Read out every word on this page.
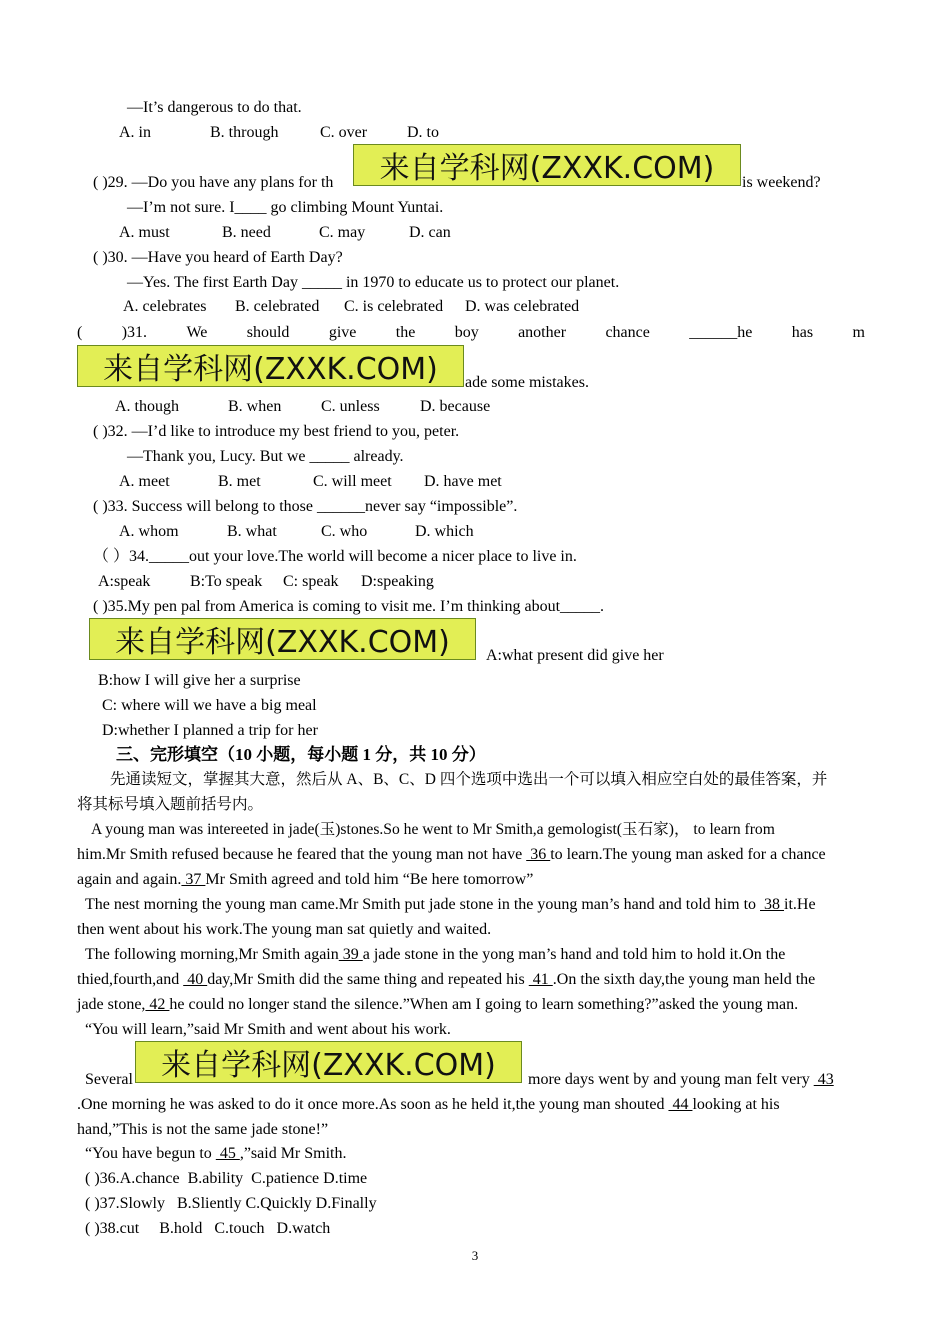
—It’s dangerous to do that.
A. in	B. through	C. over D. to
( )29. —Do you have any plans for th	来自学科网(ZXXK.COM)	is weekend?
—I’m not sure. I____ go climbing Mount Yuntai.
A. must	B. need	C. may	D. can
( )30. —Have you heard of Earth Day?
—Yes. The first Earth Day _____ in 1970 to educate us to protect our planet.
A. celebrates B. celebrated C. is celebrated D. was celebrated
( )31. We should give the boy another chance ______he has m
来自学科网(ZXXK.COM)	ade some mistakes.
A. though	B. when C. unless	D. because
( )32. —I’d like to introduce my best friend to you, peter.
—Thank you, Lucy. But we _____ already.
A. meet	B. met	C. will meet D. have met
( )33. Success will belong to those ______never say “impossible”.
A. whom	B. what	C. who	D. which
（ ）34._____out your love.The world will become a nicer place to live in.
A:speak B:To speak C: speak D:speaking
( )35.My pen pal from America is coming to visit me. I’m thinking about_____.
来自学科网(ZXXK.COM)	A:what present did give her
B:how I will give her a surprise
C: where will we have a big meal
D:whether I planned a trip for her
三、完形填空（10 小题，每小题 1 分，共 10 分）
先通读短文，掌握其大意，然后从 A、B、C、D 四个选项中选出一个可以填入相应空白处的最佳答案，并
将其标号填入题前括号内。
A young man was intereeted in jade(玉)stones.So he went to Mr Smith,a gemologist(玉石家)， to learn from
him.Mr Smith refused because he feared that the young man not have  36 to learn.The young man asked for a chance
again and again. 37 Mr Smith agreed and told him “Be here tomorrow”
The nest morning the young man came.Mr Smith put jade stone in the young man’s hand and told him to  38 it.He
then went about his work.The young man sat quietly and waited.
The following morning,Mr Smith again 39 a jade stone in the yong man’s hand and told him to hold it.On the
thied,fourth,and  40 day,Mr Smith did the same thing and repeated his  41 .On the sixth day,the young man held the
jade stone, 42 he could no longer stand the silence.”When am I going to learn something?”asked the young man.
“You will learn,”said Mr Smith and went about his work.
Several 来自学科网(ZXXK.COM)	more days went by and young man felt very  43
.One morning he was asked to do it once more.As soon as he held it,the young man shouted  44 looking at his
hand,”This is not the same jade stone!”
“You have begun to  45 ,”said Mr Smith.
( )36.A.chance  B.ability  C.patience D.time
( )37.Slowly   B.Sliently C.Quickly D.Finally
( )38.cut     B.hold   C.touch   D.watch
3
